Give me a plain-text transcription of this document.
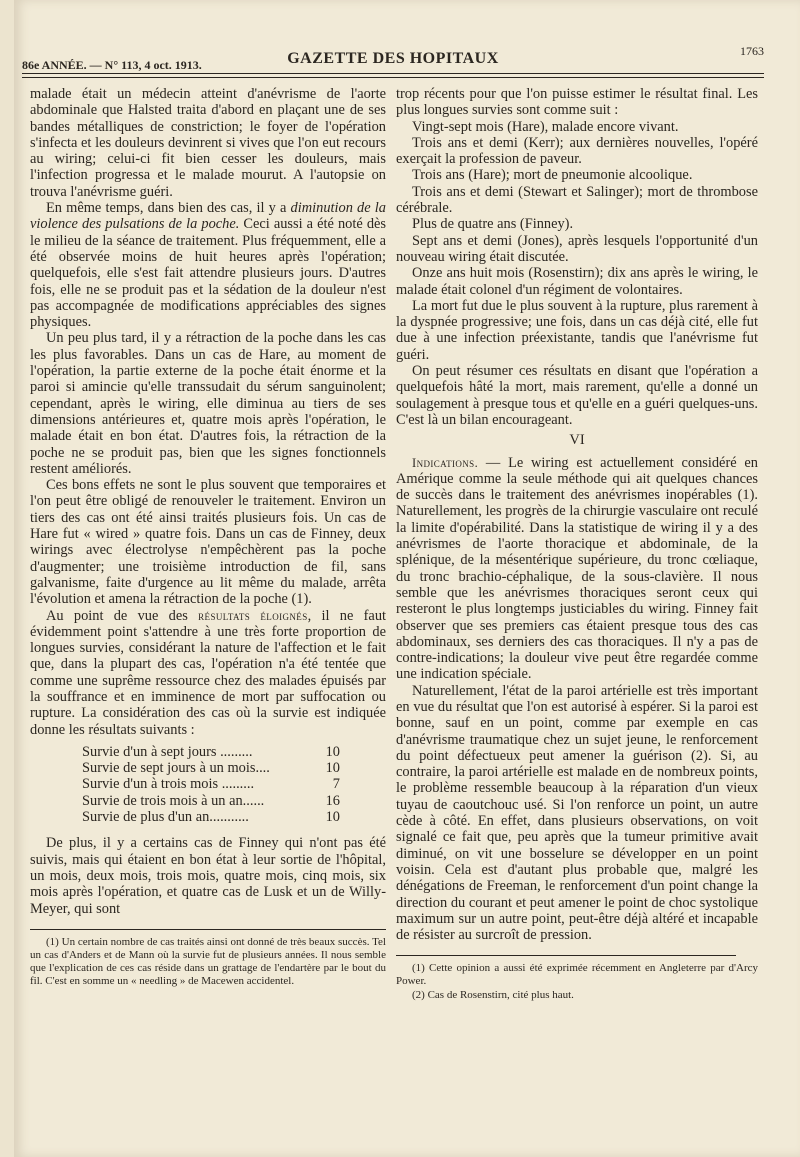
86e ANNÉE. — N° 113, 4 oct. 1913.	GAZETTE DES HOPITAUX	1763

malade était un médecin atteint d'anévrisme de l'aorte abdominale que Halsted traita d'abord en plaçant une de ses bandes métalliques de constriction; le foyer de l'opération s'infecta et les douleurs devinrent si vives que l'on eut recours au wiring; celui-ci fit bien cesser les douleurs, mais l'infection progressa et le malade mourut. A l'autopsie on trouva l'anévrisme guéri.

En même temps, dans bien des cas, il y a diminution de la violence des pulsations de la poche. Ceci aussi a été noté dès le milieu de la séance de traitement. Plus fréquemment, elle a été observée moins de huit heures après l'opération; quelquefois, elle s'est fait attendre plusieurs jours. D'autres fois, elle ne se produit pas et la sédation de la douleur n'est pas accompagnée de modifications appréciables des signes physiques.

Un peu plus tard, il y a rétraction de la poche dans les cas les plus favorables. Dans un cas de Hare, au moment de l'opération, la partie externe de la poche était énorme et la paroi si amincie qu'elle transsudait du sérum sanguinolent; cependant, après le wiring, elle diminua au tiers de ses dimensions antérieures et, quatre mois après l'opération, le malade était en bon état. D'autres fois, la rétraction de la poche ne se produit pas, bien que les signes fonctionnels restent améliorés.

Ces bons effets ne sont le plus souvent que temporaires et l'on peut être obligé de renouveler le traitement. Environ un tiers des cas ont été ainsi traités plusieurs fois. Un cas de Hare fut « wired » quatre fois. Dans un cas de Finney, deux wirings avec électrolyse n'empêchèrent pas la poche d'augmenter; une troisième introduction de fil, sans galvanisme, faite d'urgence au lit même du malade, arrêta l'évolution et amena la rétraction de la poche (1).

Au point de vue des résultats éloignés, il ne faut évidemment point s'attendre à une très forte proportion de longues survies, considérant la nature de l'affection et le fait que, dans la plupart des cas, l'opération n'a été tentée que comme une suprême ressource chez des malades épuisés par la souffrance et en imminence de mort par suffocation ou rupture. La considération des cas où la survie est indiquée donne les résultats suivants :

Survie d'un à sept jours .........	10
Survie de sept jours à un mois....	10
Survie d'un à trois mois .........	7
Survie de trois mois à un an......	16
Survie de plus d'un an...........	10

De plus, il y a certains cas de Finney qui n'ont pas été suivis, mais qui étaient en bon état à leur sortie de l'hôpital, un mois, deux mois, trois mois, quatre mois, cinq mois, six mois après l'opération, et quatre cas de Lusk et un de Willy-Meyer, qui sont

(1) Un certain nombre de cas traités ainsi ont donné de très beaux succès. Tel un cas d'Anders et de Mann où la survie fut de plusieurs années. Il nous semble que l'explication de ces cas réside dans un grattage de l'endartère par le bout du fil. C'est en somme un « needling » de Macewen accidentel.

trop récents pour que l'on puisse estimer le résultat final. Les plus longues survies sont comme suit :

Vingt-sept mois (Hare), malade encore vivant.

Trois ans et demi (Kerr); aux dernières nouvelles, l'opéré exerçait la profession de paveur.

Trois ans (Hare); mort de pneumonie alcoolique.

Trois ans et demi (Stewart et Salinger); mort de thrombose cérébrale.

Plus de quatre ans (Finney).

Sept ans et demi (Jones), après lesquels l'opportunité d'un nouveau wiring était discutée.

Onze ans huit mois (Rosenstirn); dix ans après le wiring, le malade était colonel d'un régiment de volontaires.

La mort fut due le plus souvent à la rupture, plus rarement à la dyspnée progressive; une fois, dans un cas déjà cité, elle fut due à une infection préexistante, tandis que l'anévrisme fut guéri.

On peut résumer ces résultats en disant que l'opération a quelquefois hâté la mort, mais rarement, qu'elle a donné un soulagement à presque tous et qu'elle en a guéri quelques-uns. C'est là un bilan encourageant.

VI

Indications. — Le wiring est actuellement considéré en Amérique comme la seule méthode qui ait quelques chances de succès dans le traitement des anévrismes inopérables (1). Naturellement, les progrès de la chirurgie vasculaire ont reculé la limite d'opérabilité. Dans la statistique de wiring il y a des anévrismes de l'aorte thoracique et abdominale, de la splénique, de la mésentérique supérieure, du tronc cœliaque, du tronc brachio-céphalique, de la sous-clavière. Il nous semble que les anévrismes thoraciques seront ceux qui resteront le plus longtemps justiciables du wiring. Finney fait observer que ses premiers cas étaient presque tous des cas abdominaux, ses derniers des cas thoraciques. Il n'y a pas de contre-indications; la douleur vive peut être regardée comme une indication spéciale.

Naturellement, l'état de la paroi artérielle est très important en vue du résultat que l'on est autorisé à espérer. Si la paroi est bonne, sauf en un point, comme par exemple en cas d'anévrisme traumatique chez un sujet jeune, le renforcement du point défectueux peut amener la guérison (2). Si, au contraire, la paroi artérielle est malade en de nombreux points, le problème ressemble beaucoup à la réparation d'un vieux tuyau de caoutchouc usé. Si l'on renforce un point, un autre cède à côté. En effet, dans plusieurs observations, on voit signalé ce fait que, peu après que la tumeur primitive avait diminué, on vit une bosselure se développer en un point voisin. Cela est d'autant plus probable que, malgré les dénégations de Freeman, le renforcement d'un point change la direction du courant et peut amener le point de choc systolique maximum sur un autre point, peut-être déjà altéré et incapable de résister au surcroît de pression.

(1) Cette opinion a aussi été exprimée récemment en Angleterre par d'Arcy Power.

(2) Cas de Rosenstirn, cité plus haut.
